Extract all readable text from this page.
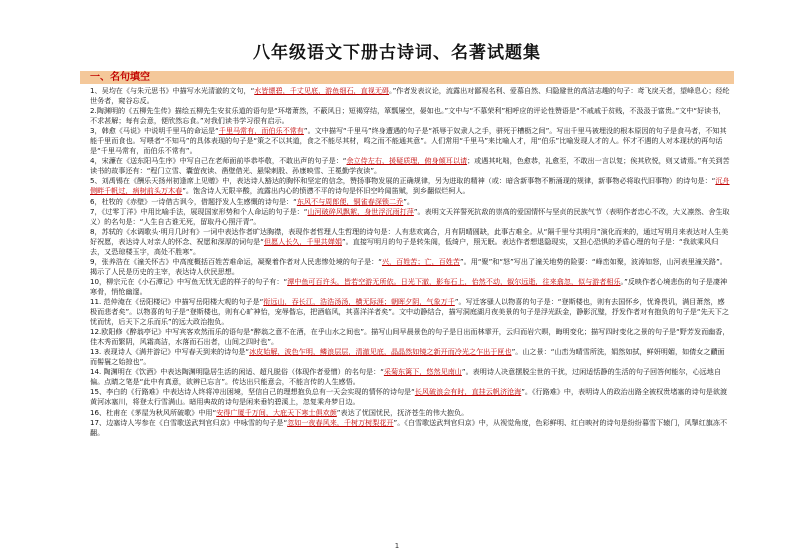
八年级语文下册古诗词、名著试题集
一、名句填空

1、吴均在《与朱元思书》中描写水光清澈的文句，“水皆缥碧，千丈见底，游鱼细石，直视无碍。”作者发表议论，流露出对鄙视名利、爱慕自然、归隐避世的高洁志趣的句子：鸢飞戾天者，望峰息心；经纶世务者，窥谷忘反。

2.陶渊明的《五柳先生传》描绘五柳先生安贫乐道的语句是“环堵萧然，不蔽风日；短褐穿结，箪瓢屡空，晏如也。”文中与“不慕荣利”相呼应的评论性赞语是“不戚戚于贫贱，不汲汲于富贵。”文中“好读书，不求甚解；每有会意，便欣然忘食。”对我们读书学习很有启示。

3，韩愈《马说》中说明千里马的命运是“千里马常有，而伯乐不常有”。文中描写“千里马”终身遭遇的句子是“祇辱于奴隶人之手，骈死于槽枥之间”。写出千里马被埋没的根本原因的句子是食马者，不知其能千里而食也。写喂者“不知马”的具体表现的句子是“策之不以其道，食之不能尽其材，鸣之而不能通其意”。人们常用“千里马”来比喻人才，用“伯乐”比喻发现人才的人。怀才不遇的人对本现状的再句话是“千里马常有，而伯乐不常有”。

4，宋濂在《送东阳马生序》中写自己在老师面前毕恭毕敬，不敢出声的句子是：“余立侍左右，援疑质理，俯身倾耳以请；或遇其叱咄，色愈恭，礼愈至，不敢出一言以复；俟其欣悦，则又请焉。”有关到苦读书的故事还有：“程门立雪、囊萤夜读、凿壁借光、悬梁刺股、孙康映雪、王冕勤学夜读”。

5、刘禹锡在《酬乐天扬州初逢席上见赠》中，表达诗人豁达的胸怀和坚定的信念，赞扬事物发展的正确规律，另为进取的精神（或：暗含新事物不断涌现的规律，新事物必将取代旧事物）的诗句是：“沉舟侧畔千帆过，病树前头万木春”。饱含诗人无限辛酸，流露出内心的愤懑不平的诗句是怀旧空吟闻笛赋，到乡翻似烂柯人。

6，杜牧的《赤壁》一诗借古讽今，借题抒发人生感慨的诗句是：“东风不与周郎便，铜雀春深锁二乔”。

7，《过零丁洋》中用比喻手法，展现国家形势和个人命运的句子是：“山河破碎风飘絮，身世浮沉雨打萍”。表明文天祥誓死抗敌的崇高的爱国情怀与坚贞的民族气节（表明作者忠心不改，大义凛然、舍生取义）的名句是：“人生自古谁无死，留取丹心照汗青”。

8，苏轼的《水调歌头·明月几时有》一词中表达作者旷达胸襟，表现作者哲理人生哲理的诗句是：人有悲欢离合，月有阴晴圆缺，此事古难全。从“隔千里兮共明月”演化而来的，通过写明月来表达对人生美好祝愿，表达诗人对亲人的怀念、祝愿和深厚的词句是“但愿人长久，千里共婵娟”。直接写明月的句子是转朱阁，低绮户，照无眠。表达作者想退隐现实，又担心恐惧的矛盾心理的句子是：“我欲乘风归去，又恐琼楼玉宇，高处不胜寒”。

9，张养浩在《潼关怀古》中高度概括百姓苦难命运，凝聚着作者对人民悲惨处境的句子是：“兴，百姓苦；亡，百姓苦”。用“聚”和“怒”写出了潼关地势的险要：“峰峦如聚，波涛如怒，山河表里潼关路”。揭示了人民是历史的主宰，表达诗人伏民思想。

10，柳宗元在《小石潭记》中写鱼无忧无虑的样子的句子有：“潭中鱼可百许头，皆若空游无所依。日光下澈，影布石上，佁然不动，俶尔远逝，往来翕忽，似与游者相乐。”反映作者心境悲伤的句子是凄神寒骨，悄怆幽邃。

11. 范仲淹在《岳阳楼记》中描写岳阳楼大观的句子是“衔远山，吞长江，浩浩汤汤，横无际涯；朝晖夕阴，气象万千”。写迁客骚人以物喜的句子是：“登斯楼也，则有去国怀乡，忧谗畏讥，满目萧然，感极而悲者矣”。以物喜的句子是“登斯楼也，则有心旷神怡，宠辱偕忘，把酒临风，其喜洋洋者矣”。文中动静结合，描写洞庭湖月夜美景的句子是浮光跃金，静影沉璧，抒发作者对有抱负的句子是“先天下之忧而忧，后天下之乐而乐”的远大政治抱负。

12.欧阳修《醉翁亭记》中写宾客欢然而乐的语句是“醉翁之意不在酒，在乎山水之间也”。描写山间早晨景色的句子是日出而林霏开，云归而岩穴暝，晦明变化；描写四时变化之景的句子是“野芳发而幽香，佳木秀而繁阴，风霜高洁，水落而石出者，山间之四时也”。

13. 表现诗人《满井游记》中写春天到来的诗句是“冰皮始解，波色乍明，鳞浪层层，清澈见底，晶晶然如镜之新开而冷光之乍出于匣也”。山之景：“山峦为晴雪所洗，娟然如拭，鲜妍明媚，如倩女之靧面而髻鬟之始掠也”。

14. 陶渊明在《饮酒》中表达陶渊明隐居生活的闲适、超凡脱俗（体现作者爱憎）的名句是：“采菊东篱下，悠然见南山”。表明诗人决意摆脱尘世的干扰，过闲适恬静的生活的句子回答何能尔，心远地自偏。点睛之笔是“此中有真意，欲辨已忘言”。传达出只能意会，不能言传的人生感悟。

15、李白的《行路难》中表达诗人终将冲出困境，坚信自己的理想抱负总有一天会实现的情怀的诗句是“长风破浪会有时，直挂云帆济沧海”。《行路难》中，表明诗人的政治出路全被权贵堵塞的诗句是欲渡黄河冰塞川，将登太行雪满山。暗用典故的诗句是闲来垂钓碧溪上，忽复乘舟梦日边。

16、杜甫在《茅屋为秋风所破歌》中用“安得广厦千万间，大庇天下寒士俱欢颜”表达了忧国忧民，抚济苍生的伟大抱负。

17、边塞诗人岑参在《白雪歌送武判官归京》中咏雪的句子是“忽如一夜春风来，千树万树梨花开”。《白雪歌送武判官归京》中，从视觉角度，色彩鲜明、红白映衬的诗句是纷纷暮雪下辕门，风掣红旗冻不翻。

1
